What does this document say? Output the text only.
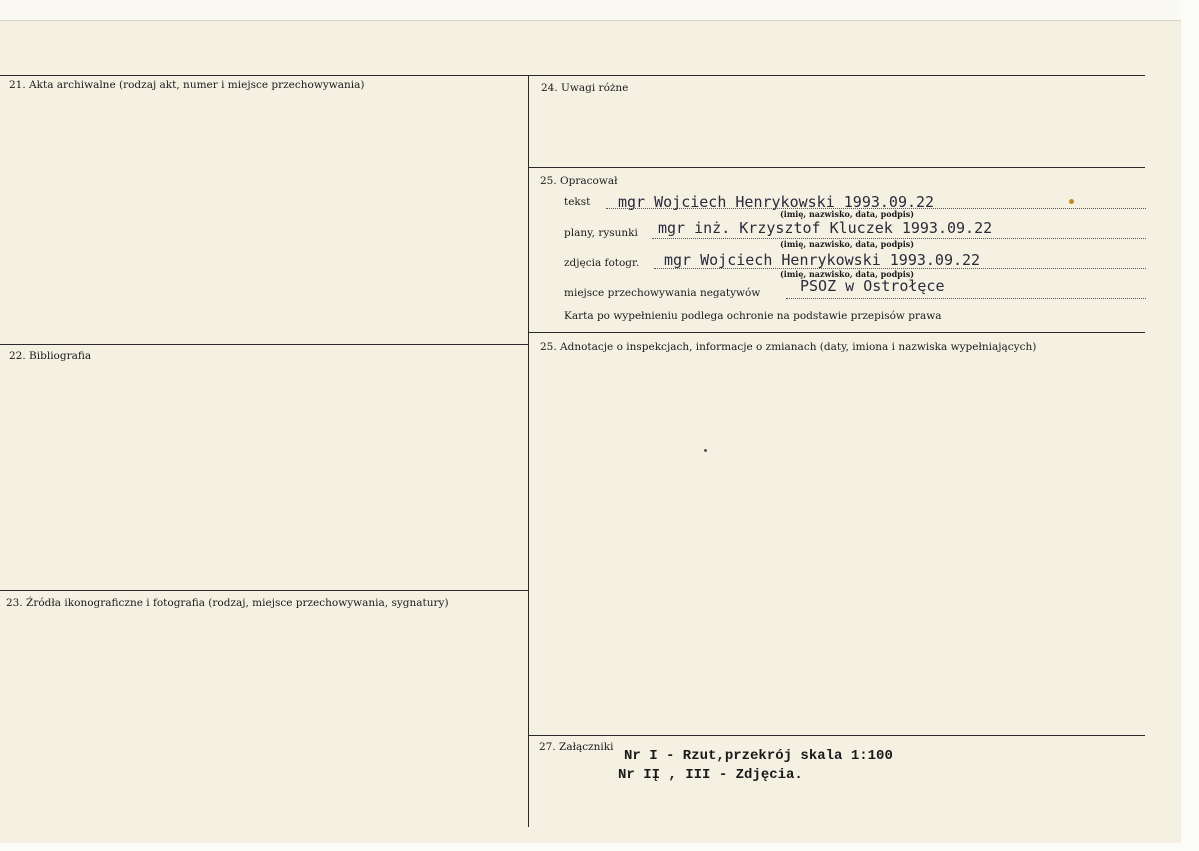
21. Akta archiwalne (rodzaj akt, numer i miejsce przechowywania)
22. Bibliografia
23. Źródła ikonograficzne i fotografia (rodzaj, miejsce przechowywania, sygnatury)
24. Uwagi różne
25. Opracował
tekst mgr Wojciech Henrykowski 1993.09.22
(imię, nazwisko, data, podpis)
plany, rysunki mgr inż. Krzysztof Kluczek 1993.09.22
(imię, nazwisko, data, podpis)
zdjęcia fotogr. mgr Wojciech Henrykowski 1993.09.22
(imię, nazwisko, data, podpis)
miejsce przechowywania negatywów	PSOZ w Ostrołęce
Karta po wypełnieniu podlega ochronie na podstawie przepisów prawa
25. Adnotacje o inspekcjach, informacje o zmianach (daty, imiona i nazwiska wypełniających)
27. Załączniki
Nr I - Rzut,przekrój skala 1:100
Nr IĮ , III - Zdjęcia.
